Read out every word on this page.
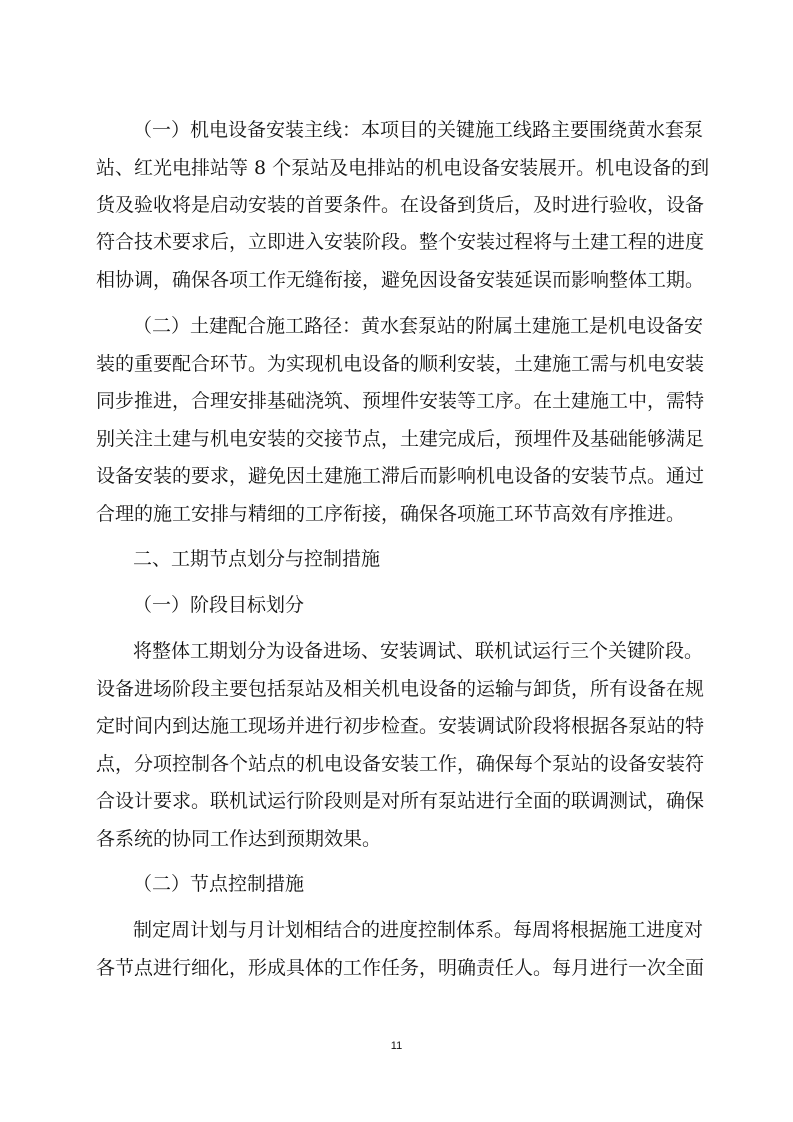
（一）机电设备安装主线：本项目的关键施工线路主要围绕黄水套泵
站、红光电排站等 8 个泵站及电排站的机电设备安装展开。机电设备的到
货及验收将是启动安装的首要条件。在设备到货后，及时进行验收，设备
符合技术要求后，立即进入安装阶段。整个安装过程将与土建工程的进度
相协调，确保各项工作无缝衔接，避免因设备安装延误而影响整体工期。
（二）土建配合施工路径：黄水套泵站的附属土建施工是机电设备安
装的重要配合环节。为实现机电设备的顺利安装，土建施工需与机电安装
同步推进，合理安排基础浇筑、预埋件安装等工序。在土建施工中，需特
别关注土建与机电安装的交接节点，土建完成后，预埋件及基础能够满足
设备安装的要求，避免因土建施工滞后而影响机电设备的安装节点。通过
合理的施工安排与精细的工序衔接，确保各项施工环节高效有序推进。
二、工期节点划分与控制措施
（一）阶段目标划分
将整体工期划分为设备进场、安装调试、联机试运行三个关键阶段。
设备进场阶段主要包括泵站及相关机电设备的运输与卸货，所有设备在规
定时间内到达施工现场并进行初步检查。安装调试阶段将根据各泵站的特
点，分项控制各个站点的机电设备安装工作，确保每个泵站的设备安装符
合设计要求。联机试运行阶段则是对所有泵站进行全面的联调测试，确保
各系统的协同工作达到预期效果。
（二）节点控制措施
制定周计划与月计划相结合的进度控制体系。每周将根据施工进度对
各节点进行细化，形成具体的工作任务，明确责任人。每月进行一次全面
11
